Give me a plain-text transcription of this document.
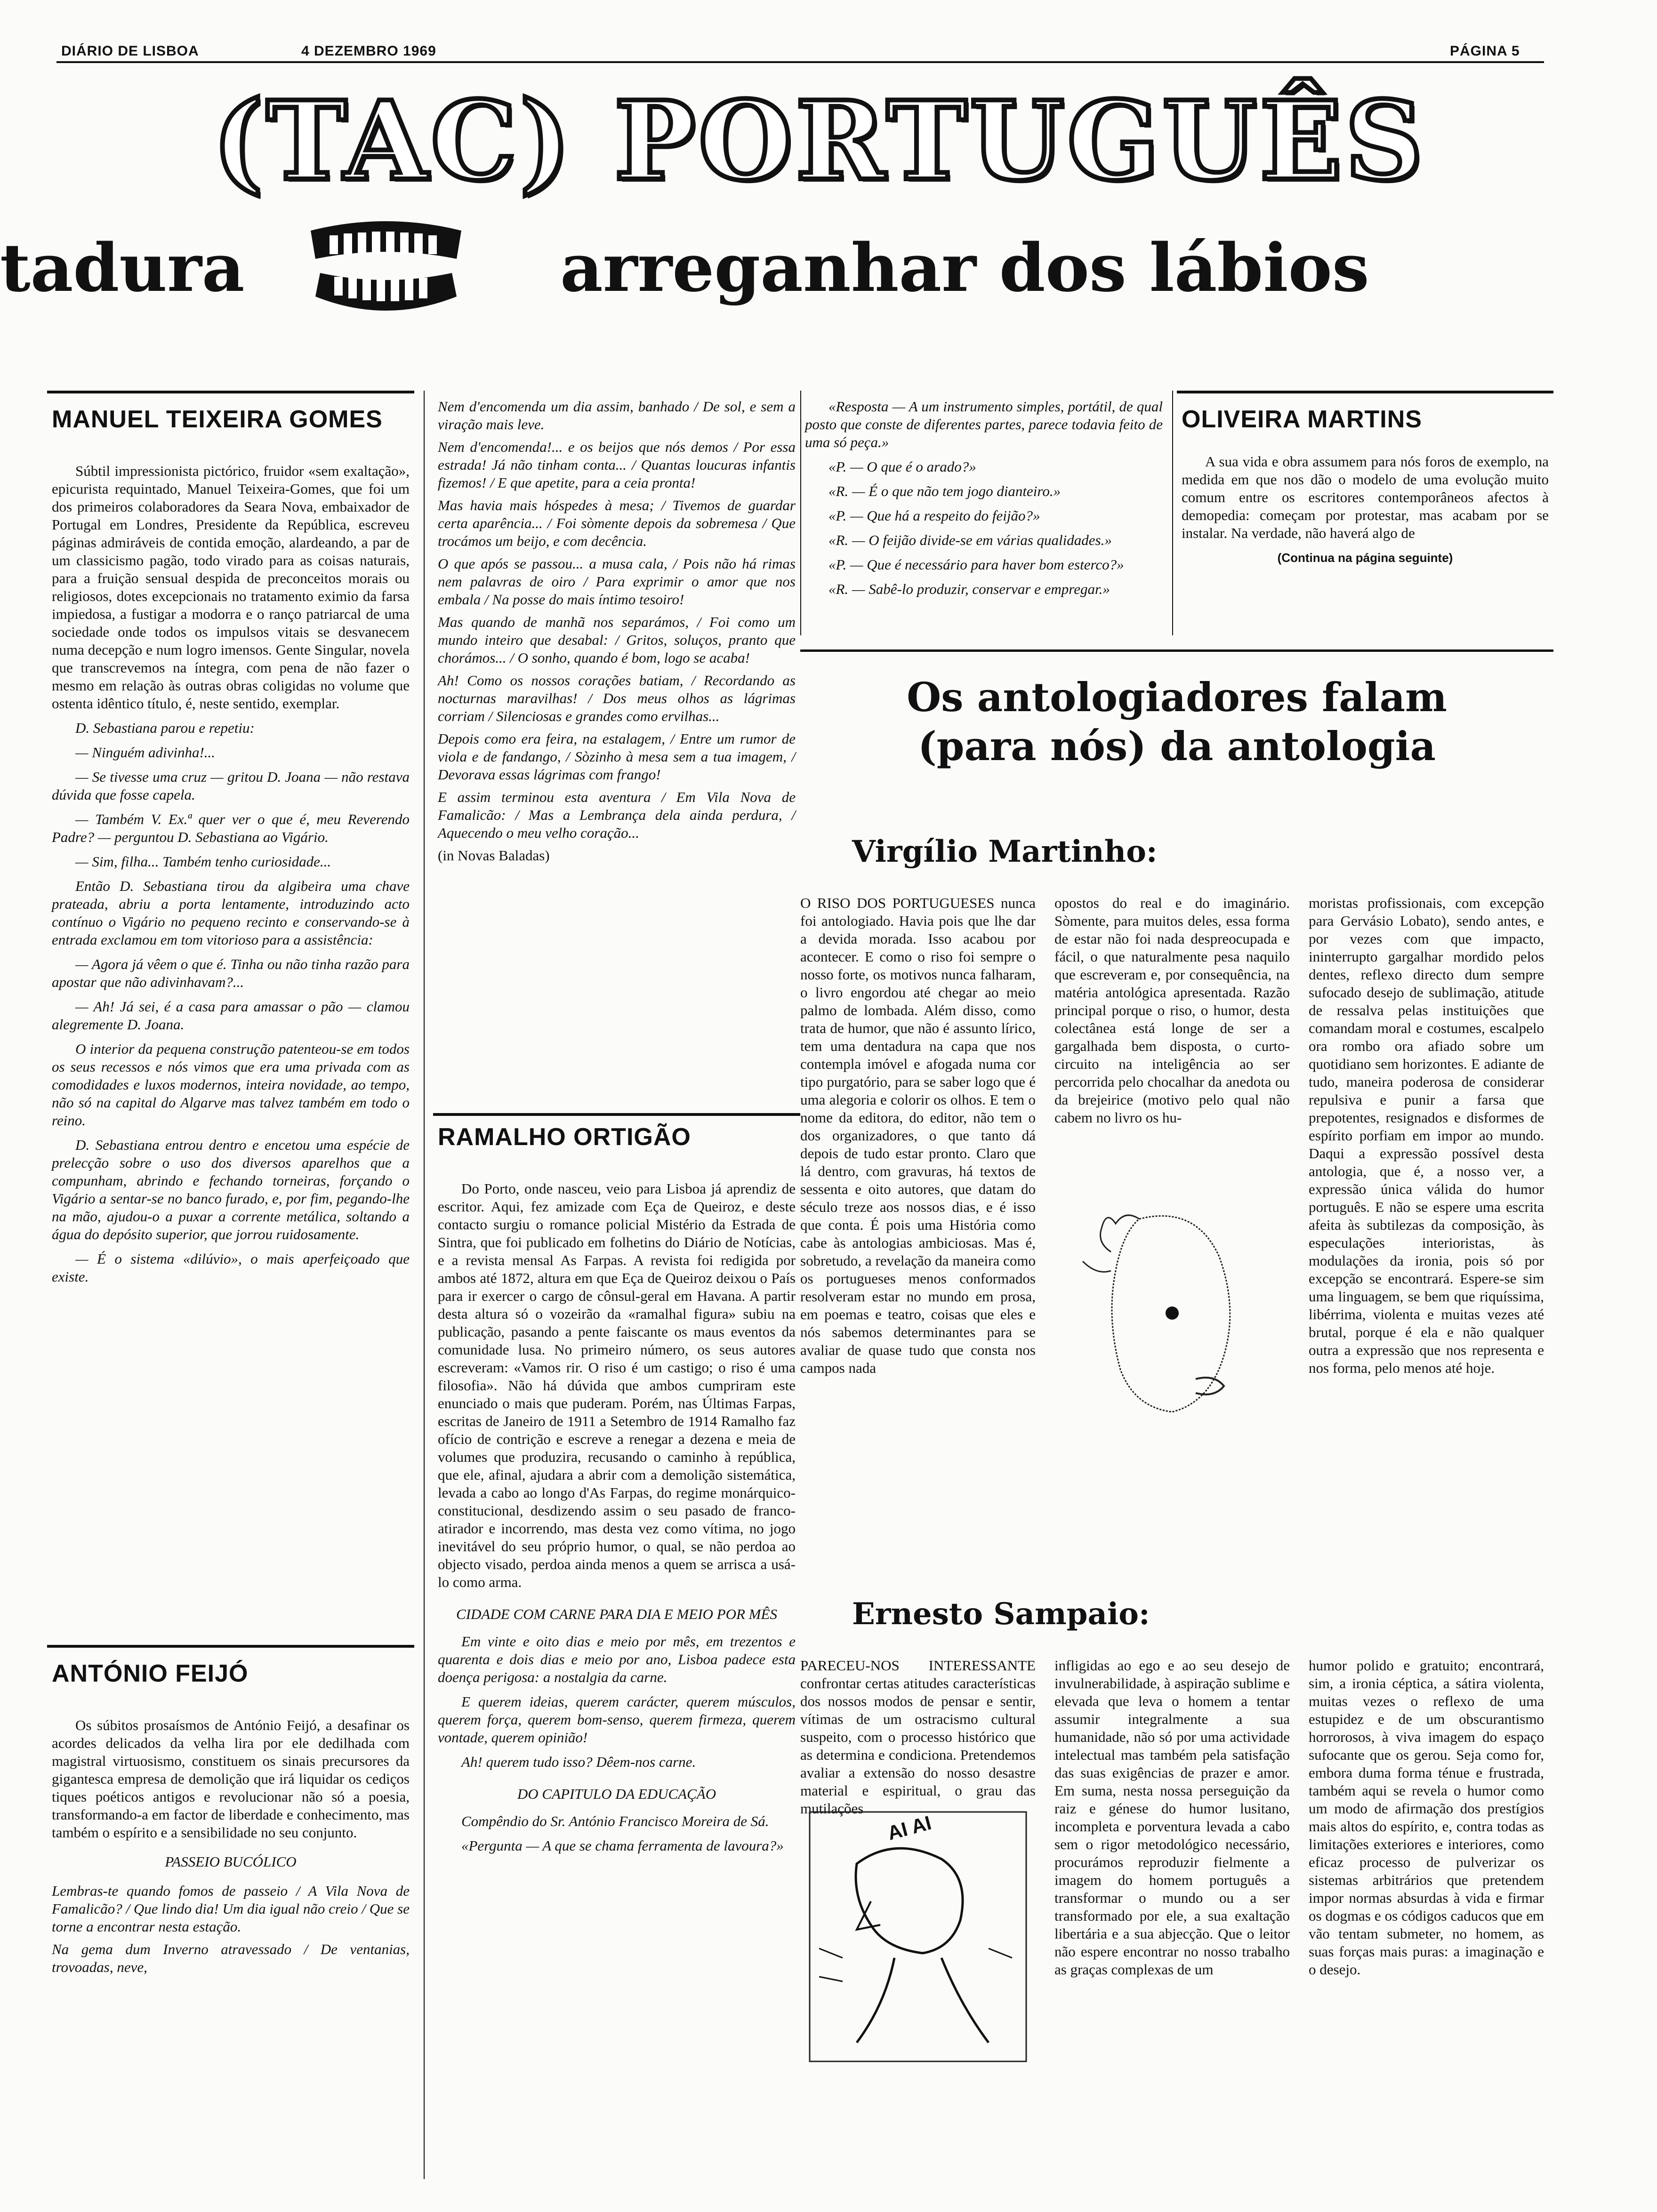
DIÁRIO DE LISBOA	4 DEZEMBRO 1969	PÁGINA 5
(TAC) PORTUGUÊS
tadura	arreganhar dos lábios
MANUEL TEIXEIRA GOMES

Súbtil impressionista pictórico, fruidor «sem exaltação», epicurista requintado, Manuel Teixeira-Gomes, que foi um dos primeiros colaboradores da Seara Nova, embaixador de Portugal em Londres, Presidente da República, escreveu páginas admiráveis de contida emoção, alardeando, a par de um classicismo pagão, todo virado para as coisas naturais, para a fruição sensual despida de preconceitos morais ou religiosos, dotes excepcionais no tratamento eximio da farsa impiedosa, a fustigar a modorra e o ranço patriarcal de uma sociedade onde todos os impulsos vitais se desvanecem numa decepção e num logro imensos. Gente Singular, novela que transcrevemos na íntegra, com pena de não fazer o mesmo em relação às outras obras coligidas no volume que ostenta idêntico título, é, neste sentido, exemplar.

D. Sebastiana parou e repetiu:

— Ninguém adivinha!...

— Se tivesse uma cruz — gritou D. Joana — não restava dúvida que fosse capela.

— Também V. Ex.ª quer ver o que é, meu Reverendo Padre? — perguntou D. Sebastiana ao Vigário.

— Sim, filha... Também tenho curiosidade...

Então D. Sebastiana tirou da algibeira uma chave prateada, abriu a porta lentamente, introduzindo acto contínuo o Vigário no pequeno recinto e conservando-se à entrada exclamou em tom vitorioso para a assistência:

— Agora já vêem o que é. Tinha ou não tinha razão para apostar que não adivinhavam?...

— Ah! Já sei, é a casa para amassar o pão — clamou alegremente D. Joana.

O interior da pequena construção patenteou-se em todos os seus recessos e nós vimos que era uma privada com as comodidades e luxos modernos, inteira novidade, ao tempo, não só na capital do Algarve mas talvez também em todo o reino.

D. Sebastiana entrou dentro e encetou uma espécie de prelecção sobre o uso dos diversos aparelhos que a compunham, abrindo e fechando torneiras, forçando o Vigário a sentar-se no banco furado, e, por fim, pegando-lhe na mão, ajudou-o a puxar a corrente metálica, soltando a água do depósito superior, que jorrou ruidosamente.

— É o sistema «dilúvio», o mais aperfeiçoado que existe.

ANTÓNIO FEIJÓ

Os súbitos prosaísmos de António Feijó, a desafinar os acordes delicados da velha lira por ele dedilhada com magistral virtuosismo, constituem os sinais precursores da gigantesca empresa de demolição que irá liquidar os cediços tiques poéticos antigos e revolucionar não só a poesia, transformando-a em factor de liberdade e conhecimento, mas também o espírito e a sensibilidade no seu conjunto.

PASSEIO BUCÓLICO

Lembras-te quando fomos de passeio / A Vila Nova de Famalicão? / Que lindo dia! Um dia igual não creio / Que se torne a encontrar nesta estação.

Na gema dum Inverno atravessado / De ventanias, trovoadas, neve,

Nem d'encomenda um dia assim, banhado / De sol, e sem a viração mais leve.

Nem d'encomenda!... e os beijos que nós demos / Por essa estrada! Já não tinham conta... / Quantas loucuras infantis fizemos! / E que apetite, para a ceia pronta!

Mas havia mais hóspedes à mesa; / Tivemos de guardar certa aparência... / Foi sòmente depois da sobremesa / Que trocámos um beijo, e com decência.

O que após se passou... a musa cala, / Pois não há rimas nem palavras de oiro / Para exprimir o amor que nos embala / Na posse do mais íntimo tesoiro!

Mas quando de manhã nos separámos, / Foi como um mundo inteiro que desabal: / Gritos, soluços, pranto que chorámos... / O sonho, quando é bom, logo se acaba!

Ah! Como os nossos corações batiam, / Recordando as nocturnas maravilhas! / Dos meus olhos as lágrimas corriam / Silenciosas e grandes como ervilhas...

Depois como era feira, na estalagem, / Entre um rumor de viola e de fandango, / Sòzinho à mesa sem a tua imagem, / Devorava essas lágrimas com frango!

E assim terminou esta aventura / Em Vila Nova de Famalicão: / Mas a Lembrança dela ainda perdura, / Aquecendo o meu velho coração...

(in Novas Baladas)

RAMALHO ORTIGÃO

Do Porto, onde nasceu, veio para Lisboa já aprendiz de escritor. Aqui, fez amizade com Eça de Queiroz, e deste contacto surgiu o romance policial Mistério da Estrada de Sintra, que foi publicado em folhetins do Diário de Notícias, e a revista mensal As Farpas. A revista foi redigida por ambos até 1872, altura em que Eça de Queiroz deixou o País para ir exercer o cargo de cônsul-geral em Havana. A partir desta altura só o vozeirão da «ramalhal figura» subiu na publicação, pasando a pente faiscante os maus eventos da comunidade lusa. No primeiro número, os seus autores escreveram: «Vamos rir. O riso é um castigo; o riso é uma filosofia». Não há dúvida que ambos cumpriram este enunciado o mais que puderam. Porém, nas Últimas Farpas, escritas de Janeiro de 1911 a Setembro de 1914 Ramalho faz ofício de contrição e escreve a renegar a dezena e meia de volumes que produzira, recusando o caminho à república, que ele, afinal, ajudara a abrir com a demolição sistemática, levada a cabo ao longo d'As Farpas, do regime monárquico-constitucional, desdizendo assim o seu pasado de franco-atirador e incorrendo, mas desta vez como vítima, no jogo inevitável do seu próprio humor, o qual, se não perdoa ao objecto visado, perdoa ainda menos a quem se arrisca a usá-lo como arma.

CIDADE COM CARNE PARA DIA E MEIO POR MÊS

Em vinte e oito dias e meio por mês, em trezentos e quarenta e dois dias e meio por ano, Lisboa padece esta doença perigosa: a nostalgia da carne.

E querem ideias, querem carácter, querem músculos, querem força, querem bom-senso, querem firmeza, querem vontade, querem opinião!

Ah! querem tudo isso? Dêem-nos carne.

DO CAPITULO DA EDUCAÇÃO

Compêndio do Sr. António Francisco Moreira de Sá.

«Pergunta — A que se chama ferramenta de lavoura?»

«Resposta — A um instrumento simples, portátil, de qual posto que conste de diferentes partes, parece todavia feito de uma só peça.»

«P. — O que é o arado?»

«R. — É o que não tem jogo dianteiro.»

«P. — Que há a respeito do feijão?»

«R. — O feijão divide-se em várias qualidades.»

«P. — Que é necessário para haver bom esterco?»

«R. — Sabê-lo produzir, conservar e empregar.»

OLIVEIRA MARTINS

A sua vida e obra assumem para nós foros de exemplo, na medida em que nos dão o modelo de uma evolução muito comum entre os escritores contemporâneos afectos à demopedia: começam por protestar, mas acabam por se instalar. Na verdade, não haverá algo de

(Continua na página seguinte)
Os antologiadores falam
(para nós) da antologia
Virgílio Martinho:

O RISO DOS PORTUGUESES nunca foi antologiado. Havia pois que lhe dar a devida morada. Isso acabou por acontecer. E como o riso foi sempre o nosso forte, os motivos nunca falharam, o livro engordou até chegar ao meio palmo de lombada. Além disso, como trata de humor, que não é assunto lírico, tem uma dentadura na capa que nos contempla imóvel e afogada numa cor tipo purgatório, para se saber logo que é uma alegoria e colorir os olhos. E tem o nome da editora, do editor, não tem o dos organizadores, o que tanto dá depois de tudo estar pronto. Claro que lá dentro, com gravuras, há textos de sessenta e oito autores, que datam do século treze aos nossos dias, e é isso que conta. É pois uma História como cabe às antologias ambiciosas. Mas é, sobretudo, a revelação da maneira como os portugueses menos conformados resolveram estar no mundo em prosa, em poemas e teatro, coisas que eles e nós sabemos determinantes para se avaliar de quase tudo que consta nos campos nada

opostos do real e do imaginário. Sòmente, para muitos deles, essa forma de estar não foi nada despreocupada e fácil, o que naturalmente pesa naquilo que escreveram e, por consequência, na matéria antológica apresentada. Razão principal porque o riso, o humor, desta colectânea está longe de ser a gargalhada bem disposta, o curto-circuito na inteligência ao ser percorrida pelo chocalhar da anedota ou da brejeirice (motivo pelo qual não cabem no livro os hu-

moristas profissionais, com excepção para Gervásio Lobato), sendo antes, e por vezes com que impacto, ininterrupto gargalhar mordido pelos dentes, reflexo directo dum sempre sufocado desejo de sublimação, atitude de ressalva pelas instituições que comandam moral e costumes, escalpelo ora rombo ora afiado sobre um quotidiano sem horizontes. E adiante de tudo, maneira poderosa de considerar repulsiva e punir a farsa que prepotentes, resignados e disformes de espírito porfiam em impor ao mundo. Daqui a expressão possível desta antologia, que é, a nosso ver, a expressão única válida do humor português. E não se espere uma escrita afeita às subtilezas da composição, às especulações interioristas, às modulações da ironia, pois só por excepção se encontrará. Espere-se sim uma linguagem, se bem que riquíssima, libérrima, violenta e muitas vezes até brutal, porque é ela e não qualquer outra a expressão que nos representa e nos forma, pelo menos até hoje.

Ernesto Sampaio:

PARECEU-NOS INTERESSANTE confrontar certas atitudes características dos nossos modos de pensar e sentir, vítimas de um ostracismo cultural suspeito, com o processo histórico que as determina e condiciona. Pretendemos avaliar a extensão do nosso desastre material e espiritual, o grau das mutilações

AI AI

infligidas ao ego e ao seu desejo de invulnerabilidade, à aspiração sublime e elevada que leva o homem a tentar assumir integralmente a sua humanidade, não só por uma actividade intelectual mas também pela satisfação das suas exigências de prazer e amor. Em suma, nesta nossa perseguição da raiz e génese do humor lusitano, incompleta e porventura levada a cabo sem o rigor metodológico necessário, procurámos reproduzir fielmente a imagem do homem português a transformar o mundo ou a ser transformado por ele, a sua exaltação libertária e a sua abjecção. Que o leitor não espere encontrar no nosso trabalho as graças complexas de um

humor polido e gratuito; encontrará, sim, a ironia céptica, a sátira violenta, muitas vezes o reflexo de uma estupidez e de um obscurantismo horrorosos, à viva imagem do espaço sufocante que os gerou. Seja como for, embora duma forma ténue e frustrada, também aqui se revela o humor como um modo de afirmação dos prestígios mais altos do espírito, e, contra todas as limitações exteriores e interiores, como eficaz processo de pulverizar os sistemas arbitrários que pretendem impor normas absurdas à vida e firmar os dogmas e os códigos caducos que em vão tentam submeter, no homem, as suas forças mais puras: a imaginação e o desejo.
